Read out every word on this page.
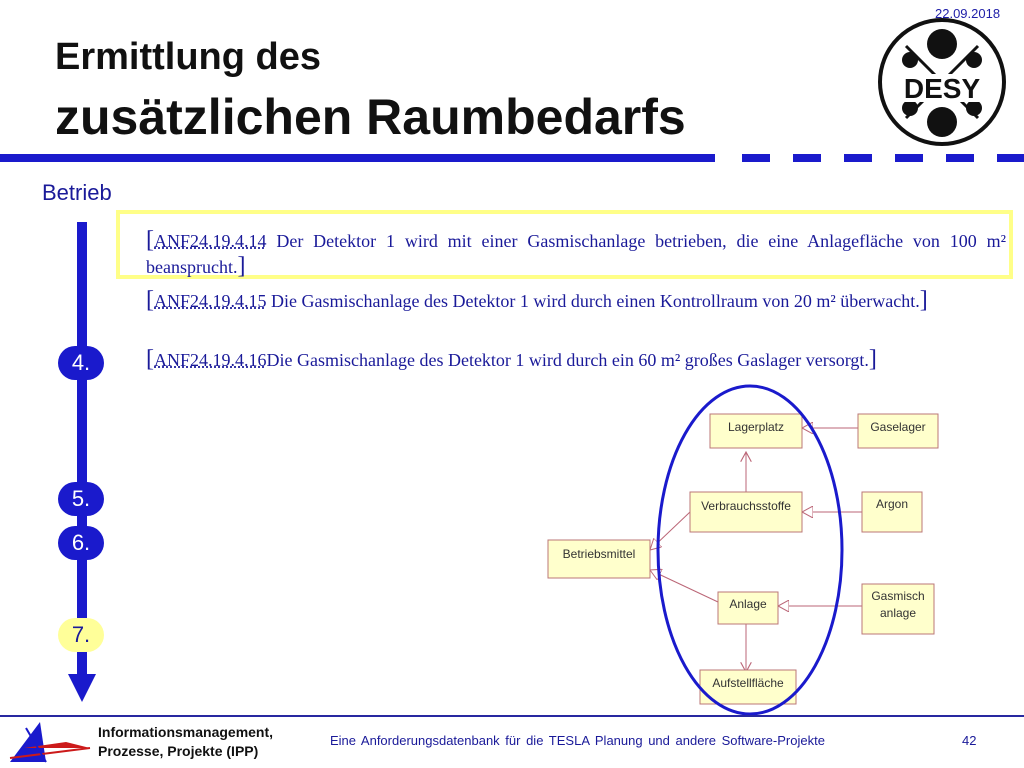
22.09.2018
Ermittlung des
zusätzlichen Raumbedarfs
DESY
Betrieb
4.
5.
6.
7.
[ANF24.19.4.14 Der Detektor 1 wird mit einer Gasmischanlage betrieben, die eine Anlagefläche von 100 m² beansprucht.]
[ANF24.19.4.15 Die Gasmischanlage des Detektor 1 wird durch einen Kontrollraum von 20 m² überwacht.]
[ANF24.19.4.16Die Gasmischanlage des Detektor 1 wird durch ein 60 m² großes Gaslager versorgt.]
Lagerplatz	Gaselager
Verbrauchsstoffe	Argon
Betriebsmittel
Anlage
Gasmisch
anlage
Aufstellfläche
Informationsmanagement,
Prozesse, Projekte (IPP)
Eine Anforderungsdatenbank für die TESLA Planung und andere Software-Projekte	42
